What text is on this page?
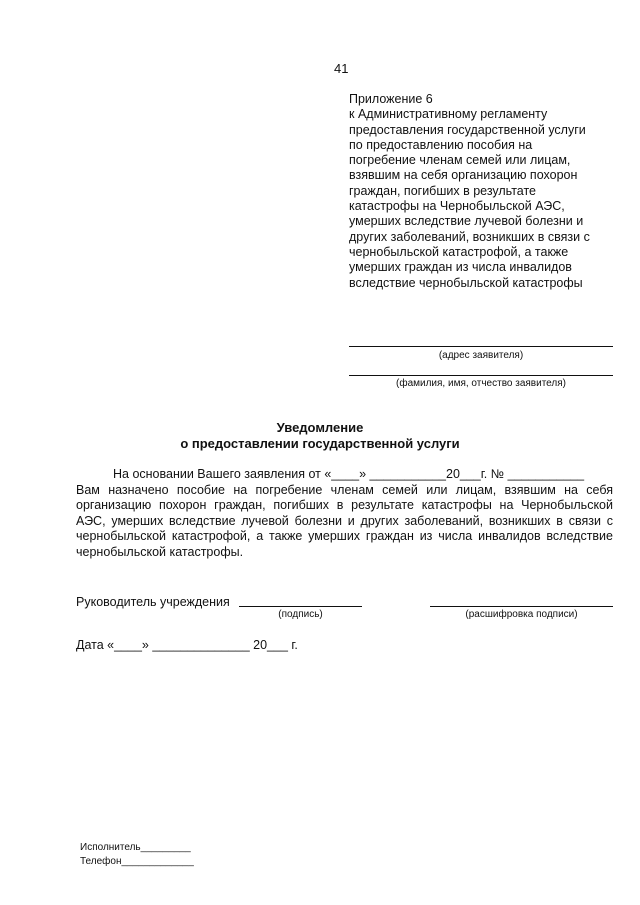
41
Приложение 6
к Административному регламенту
предоставления государственной услуги
по предоставлению пособия на
погребение членам семей или лицам,
взявшим на себя организацию похорон
граждан, погибших в результате
катастрофы на Чернобыльской АЭС,
умерших вследствие лучевой болезни и
других заболеваний, возникших в связи с
чернобыльской катастрофой, а также
умерших граждан из числа инвалидов
вследствие чернобыльской катастрофы
(адрес заявителя)
(фамилия, имя, отчество заявителя)
Уведомление
о предоставлении государственной услуги
На основании Вашего заявления от «____» ___________20___г. № ___________
Вам назначено пособие на погребение членам семей или лицам, взявшим на себя
организацию похорон граждан, погибших в результате катастрофы на Чернобыльской
АЭС, умерших вследствие лучевой болезни и других заболеваний, возникших в связи с
чернобыльской катастрофой, а также умерших граждан из числа инвалидов вследствие
чернобыльской катастрофы.
Руководитель учреждения
(подпись)	(расшифровка подписи)
Дата «____» ______________ 20___ г.
Исполнитель_________
Телефон_____________
